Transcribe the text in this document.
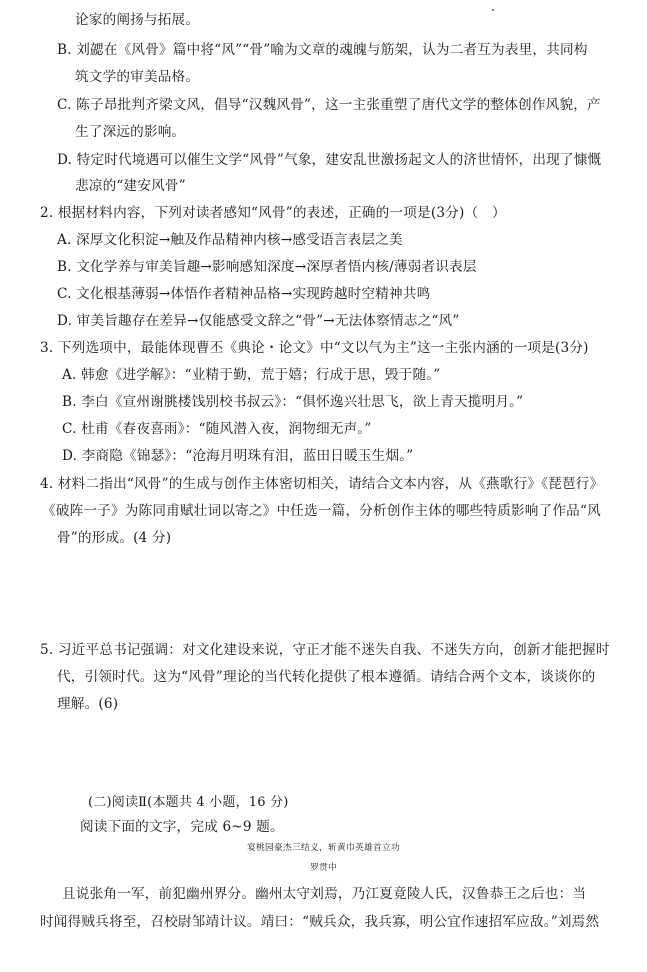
论家的阐扬与拓展。
B. 刘勰在《风骨》篇中将“风”“骨”喻为文章的魂魄与筋架，认为二者互为表里，共同构
筑文学的审美品格。
C. 陈子昂批判齐梁文风，倡导“汉魏风骨”，这一主张重塑了唐代文学的整体创作风貌，产
生了深远的影响。
D. 特定时代境遇可以催生文学“风骨”气象，建安乱世激扬起文人的济世情怀，出现了慷慨
悲凉的“建安风骨”
2. 根据材料内容，下列对读者感知“风骨”的表述，正确的一项是(3分)（　）
A. 深厚文化积淀→触及作品精神内核→感受语言表层之美
B. 文化学养与审美旨趣→影响感知深度→深厚者悟内核/薄弱者识表层
C. 文化根基薄弱→体悟作者精神品格→实现跨越时空精神共鸣
D. 审美旨趣存在差异→仅能感受文辞之“骨”→无法体察情志之“风”
3. 下列选项中，最能体现曹丕《典论・论文》中“文以气为主”这一主张内涵的一项是(3分)
A. 韩愈《进学解》：“业精于勤，荒于嬉；行成于思，毁于随。”
B. 李白《宣州谢朓楼饯别校书叔云》：“俱怀逸兴壮思飞，欲上青天揽明月。”
C. 杜甫《春夜喜雨》：“随风潜入夜，润物细无声。”
D. 李商隐《锦瑟》：“沧海月明珠有泪，蓝田日暖玉生烟。”
4. 材料二指出“风骨”的生成与创作主体密切相关，请结合文本内容，从《燕歌行》《琵琶行》
《破阵一子》为陈同甫赋壮词以寄之》中任选一篇，分析创作主体的哪些特质影响了作品“风
骨”的形成。(4 分)
5. 习近平总书记强调：对文化建设来说，守正才能不迷失自我、不迷失方向，创新才能把握时
代，引领时代。这为“风骨”理论的当代转化提供了根本遵循。请结合两个文本，谈谈你的
理解。(6)
(二)阅读Ⅱ(本题共 4 小题，16 分)
阅读下面的文字，完成 6~9 题。
宴桃园豪杰三结义，斩黄巾英雄首立功
罗贯中
且说张角一军，前犯幽州界分。幽州太守刘焉，乃江夏竟陵人氏，汉鲁恭王之后也：当
时闻得贼兵将至，召校尉邹靖计议。靖曰：“贼兵众，我兵寡，明公宜作速招军应敌。”刘焉然
